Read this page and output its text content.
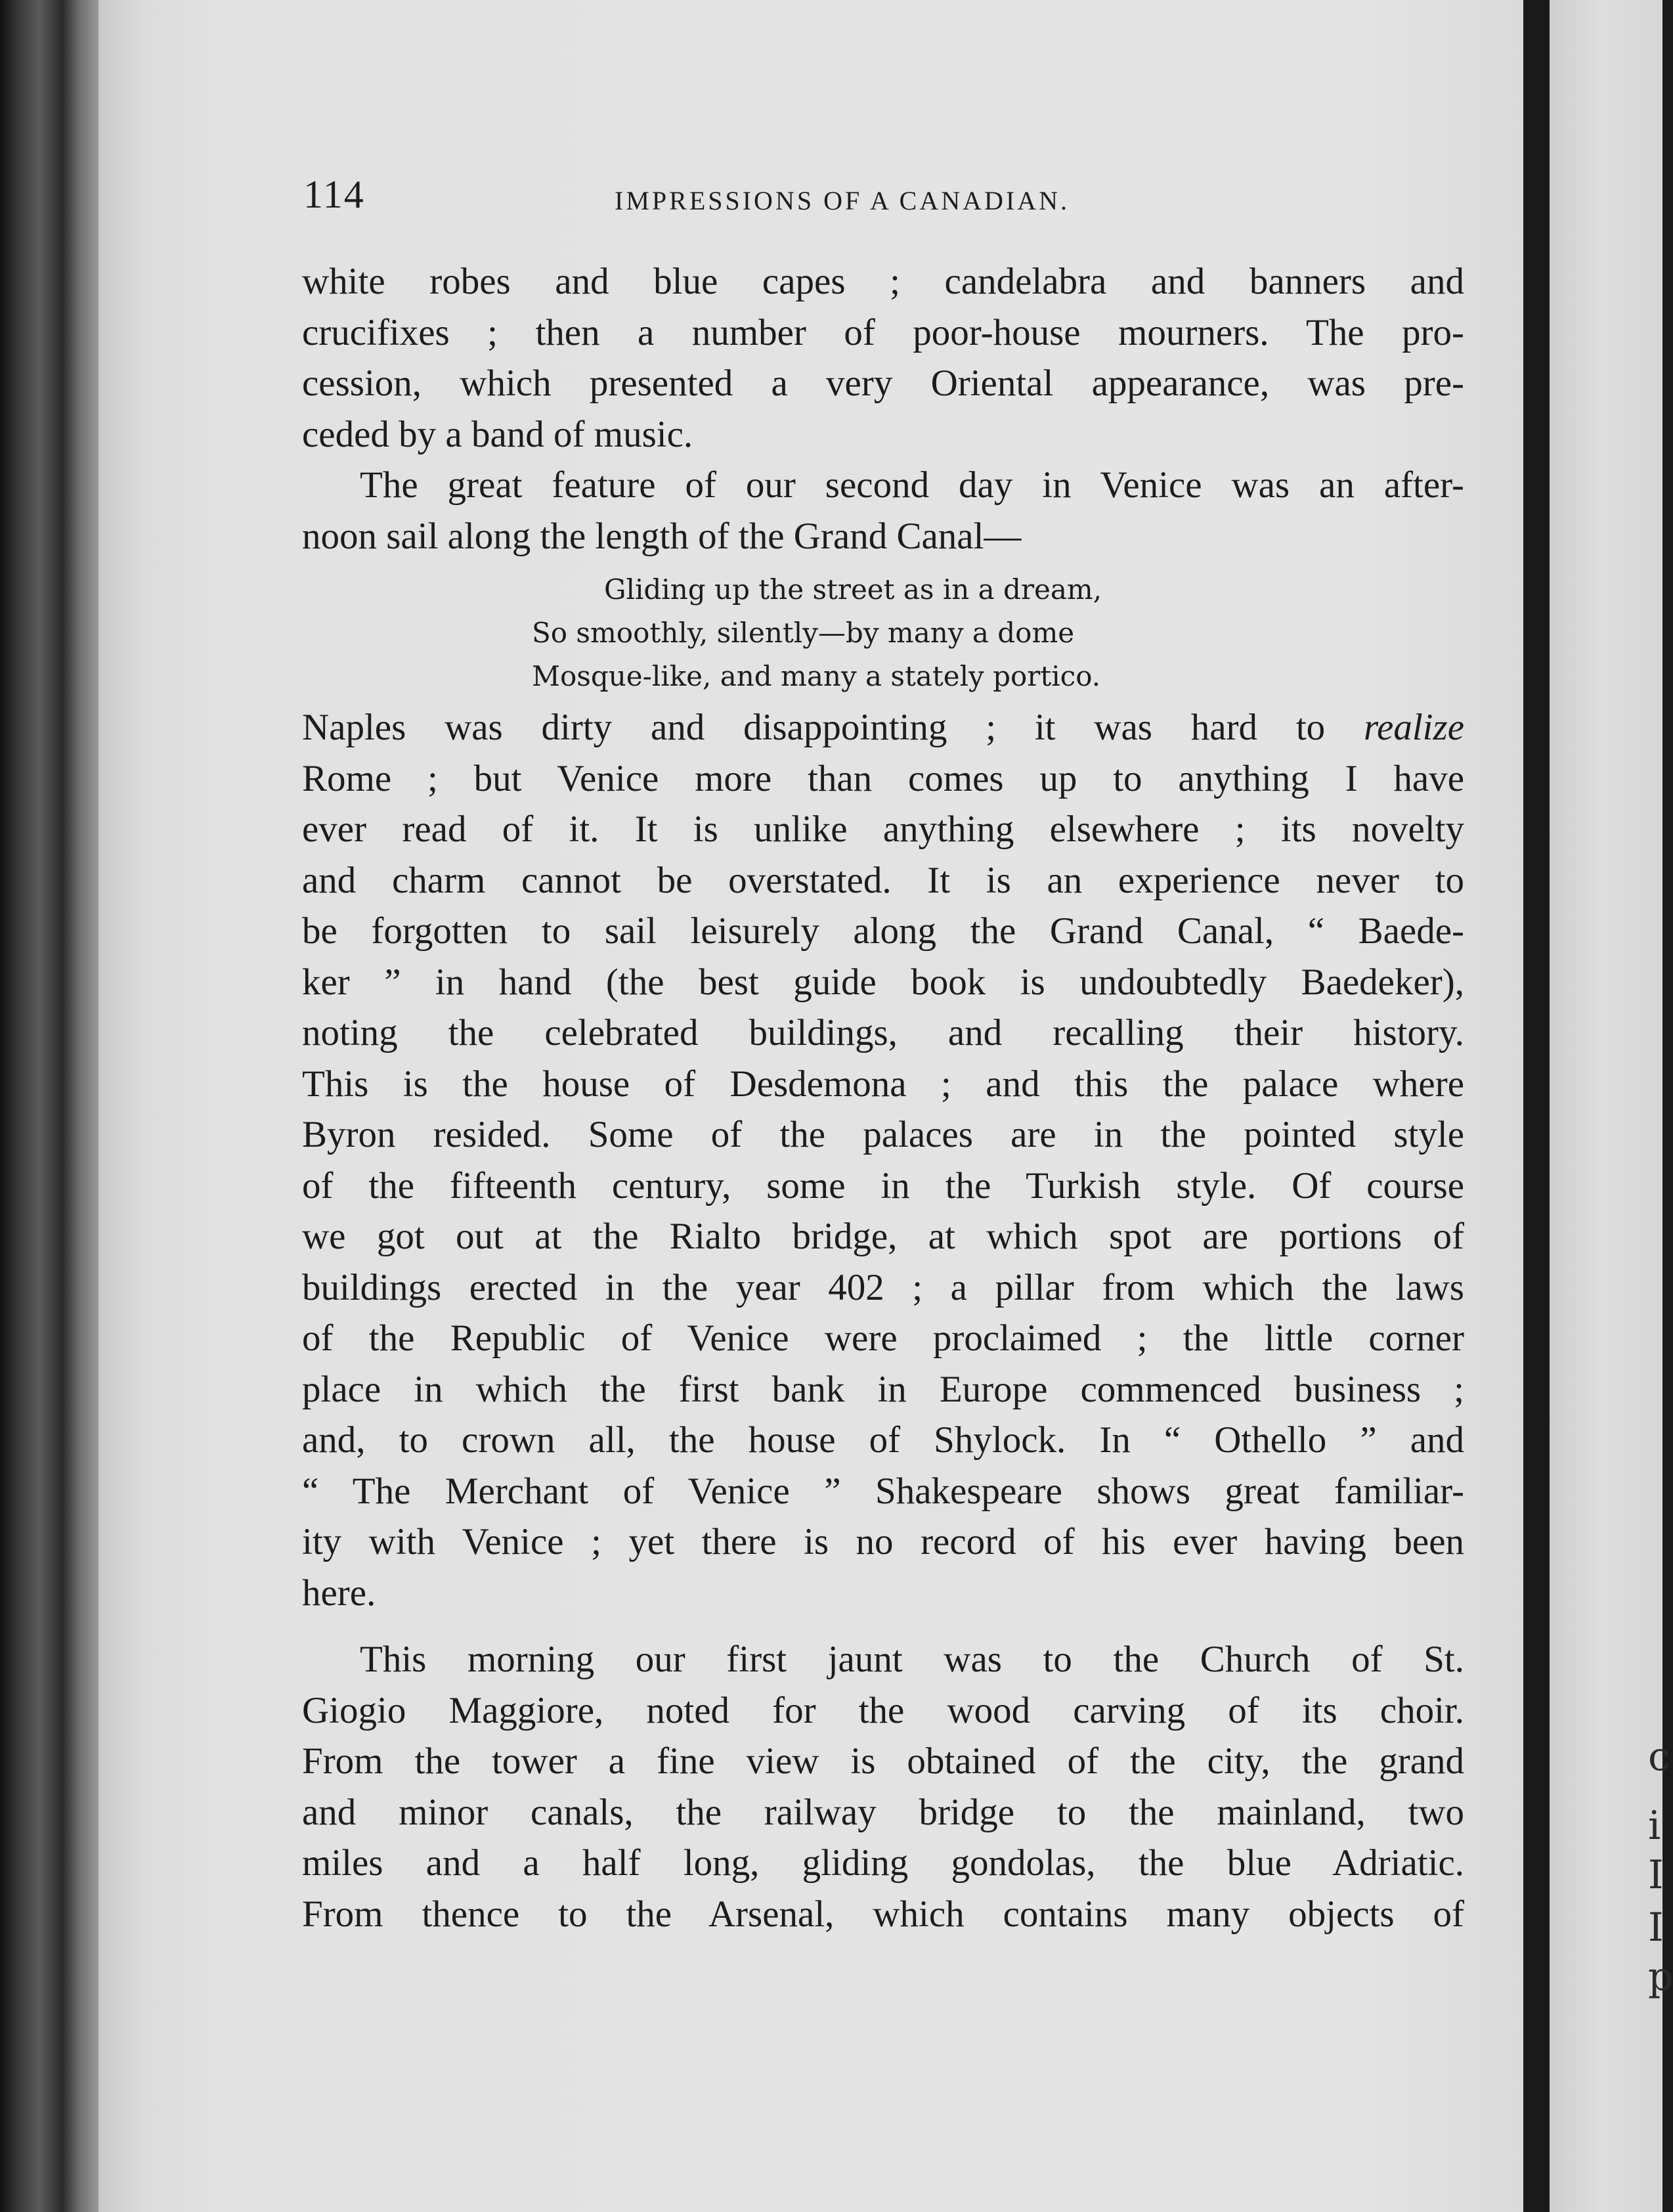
c

i

I

I

p

114	IMPRESSIONS OF A CANADIAN.

white robes and blue capes ; candelabra and banners and

crucifixes ; then a number of poor-house mourners. The pro-

cession, which presented a very Oriental appearance, was pre-

ceded by a band of music.

The great feature of our second day in Venice was an after-

noon sail along the length of the Grand Canal—

Gliding up the street as in a dream,

So smoothly, silently—by many a dome

Mosque-like, and many a stately portico.

Naples was dirty and disappointing ; it was hard to realize

Rome ; but Venice more than comes up to anything I have

ever read of it. It is unlike anything elsewhere ; its novelty

and charm cannot be overstated. It is an experience never to

be forgotten to sail leisurely along the Grand Canal, “ Baede-

ker ” in hand (the best guide book is undoubtedly Baedeker),

noting the celebrated buildings, and recalling their history.

This is the house of Desdemona ; and this the palace where

Byron resided. Some of the palaces are in the pointed style

of the fifteenth century, some in the Turkish style. Of course

we got out at the Rialto bridge, at which spot are portions of

buildings erected in the year 402 ; a pillar from which the laws

of the Republic of Venice were proclaimed ; the little corner

place in which the first bank in Europe commenced business ;

and, to crown all, the house of Shylock. In “ Othello ” and

“ The Merchant of Venice ” Shakespeare shows great familiar-

ity with Venice ; yet there is no record of his ever having been

here.

This morning our first jaunt was to the Church of St.

Giogio Maggiore, noted for the wood carving of its choir.

From the tower a fine view is obtained of the city, the grand

and minor canals, the railway bridge to the mainland, two

miles and a half long, gliding gondolas, the blue Adriatic.

From thence to the Arsenal, which contains many objects of
